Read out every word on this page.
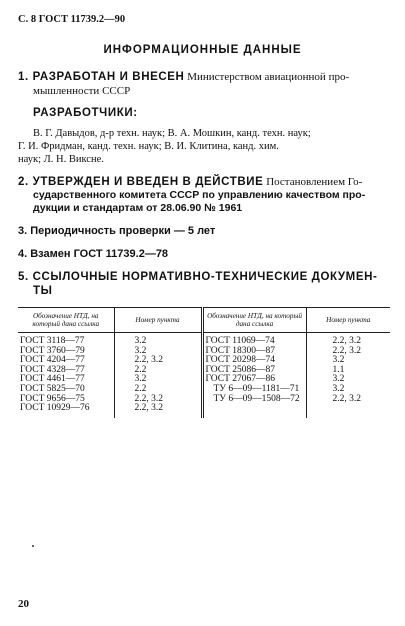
С. 8 ГОСТ 11739.2—90
ИНФОРМАЦИОННЫЕ ДАННЫЕ
1. РАЗРАБОТАН И ВНЕСЕН Министерством авиационной про-
мышленности СССР
РАЗРАБОТЧИКИ:
В. Г. Давыдов, д-р техн. наук; В. А. Мошкин, канд. техн. наук;
Г. И. Фридман, канд. техн. наук; В. И. Клитина, канд. хим.
наук; Л. Н. Виксне.
2. УТВЕРЖДЕН И ВВЕДЕН В ДЕЙСТВИЕ Постановлением Го-
сударственного комитета СССР по управлению качеством про-
дукции и стандартам от 28.06.90 № 1961
3. Периодичность проверки — 5 лет
4. Взамен ГОСТ 11739.2—78
5. ССЫЛОЧНЫЕ НОРМАТИВНО-ТЕХНИЧЕСКИЕ ДОКУМЕН-
ТЫ
Обозначение НТД, на который дана ссылка	Номер пункта	Обозначение НТД, на который дана ссылка	Номер пункта
ГОСТ 3118—77	3.2	ГОСТ 11069—74	2.2, 3.2
ГОСТ 3760—79	3.2	ГОСТ 18300—87	2.2, 3.2
ГОСТ 4204—77	2.2, 3.2	ГОСТ 20298—74	3.2
ГОСТ 4328—77	2.2	ГОСТ 25086—87	1.1
ГОСТ 4461—77	3.2	ГОСТ 27067—86	3.2
ГОСТ 5825—70	2.2	ТУ 6—09—1181—71	3.2
ГОСТ 9656—75	2.2, 3.2	ТУ 6—09—1508—72	2.2, 3.2
ГОСТ 10929—76	2.2, 3.2		
20
